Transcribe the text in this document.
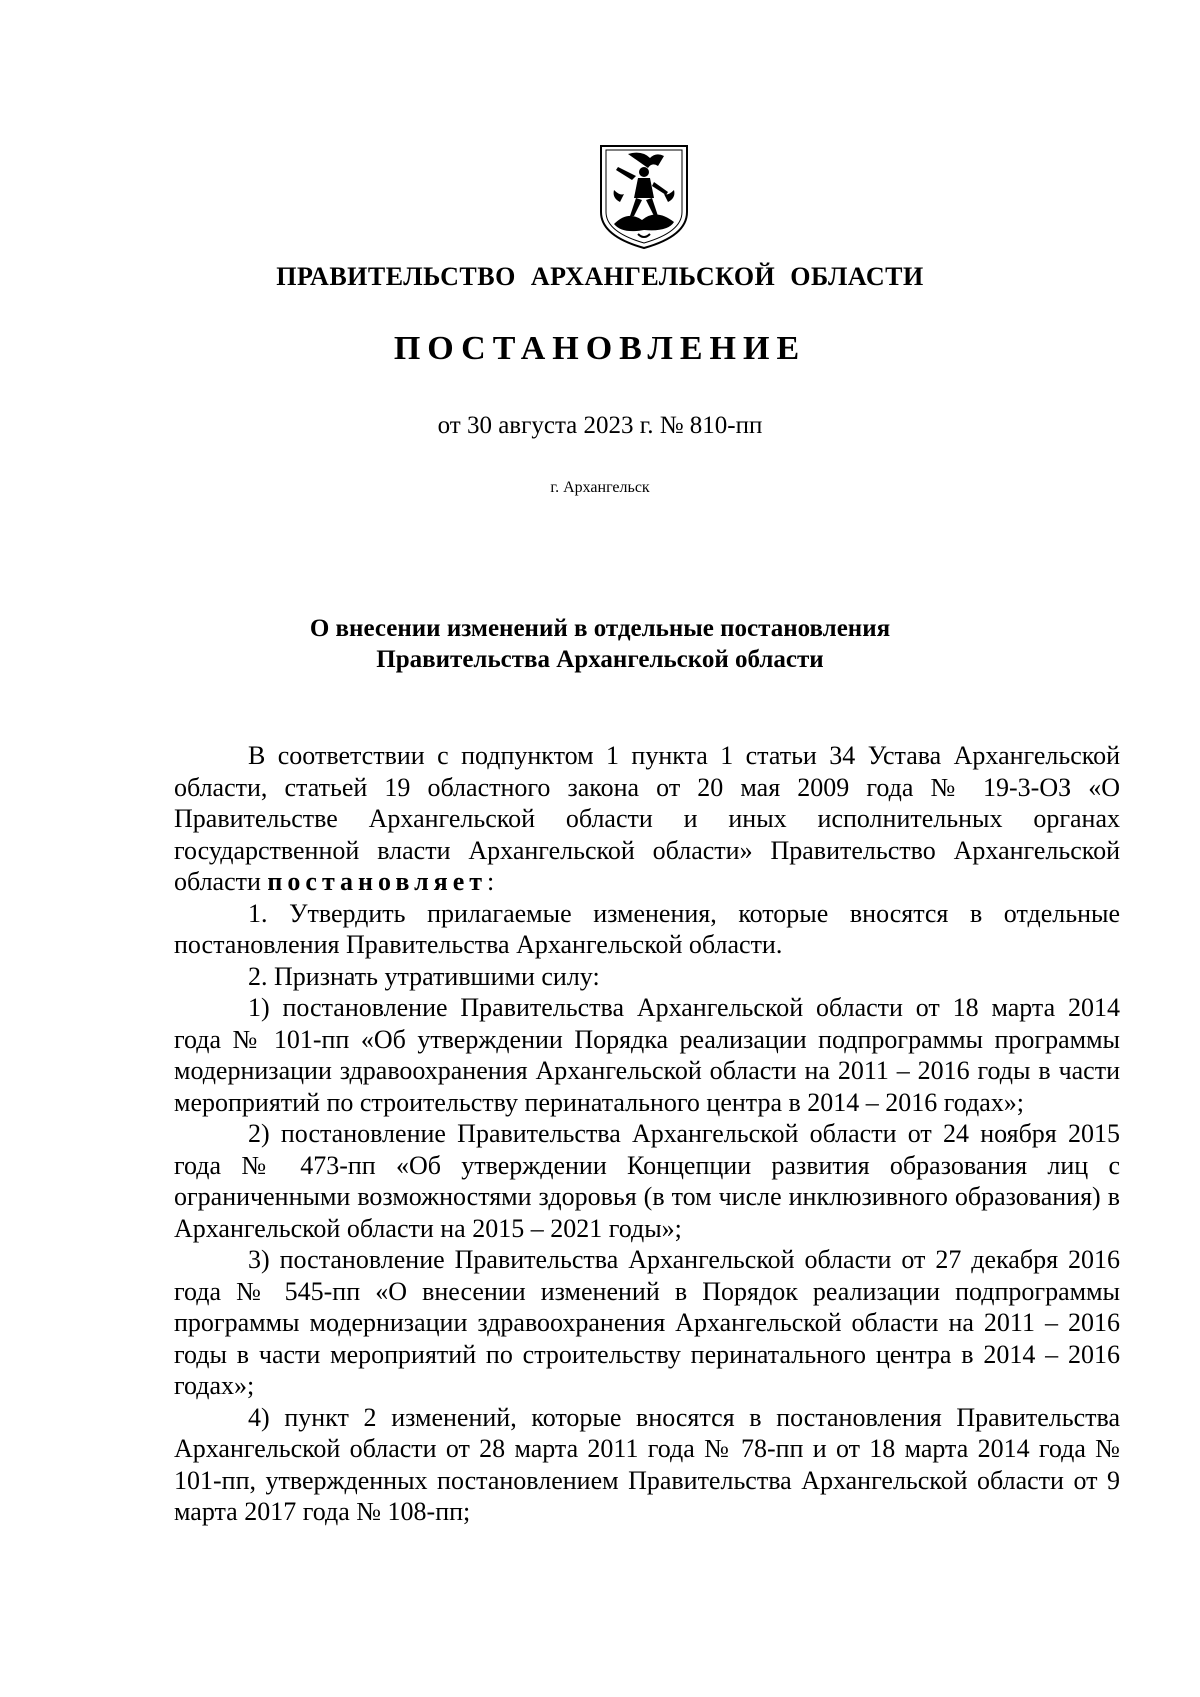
ПРАВИТЕЛЬСТВО АРХАНГЕЛЬСКОЙ ОБЛАСТИ
ПОСТАНОВЛЕНИЕ
от 30 августа 2023 г. № 810-пп
г. Архангельск
О внесении изменений в отдельные постановления
Правительства Архангельской области

В соответствии с подпунктом 1 пункта 1 статьи 34 Устава Архангельской области, статьей 19 областного закона от 20 мая 2009 года № 19-3-ОЗ «О Правительстве Архангельской области и иных исполнительных органах государственной власти Архангельской области» Правительство Архангельской области постановляет:

1. Утвердить прилагаемые изменения, которые вносятся в отдельные постановления Правительства Архангельской области.

2. Признать утратившими силу:

1) постановление Правительства Архангельской области от 18 марта 2014 года № 101-пп «Об утверждении Порядка реализации подпрограммы программы модернизации здравоохранения Архангельской области на 2011 – 2016 годы в части мероприятий по строительству перинатального центра в 2014 – 2016 годах»;

2) постановление Правительства Архангельской области от 24 ноября 2015 года № 473-пп «Об утверждении Концепции развития образования лиц с ограниченными возможностями здоровья (в том числе инклюзивного образования) в Архангельской области на 2015 – 2021 годы»;

3) постановление Правительства Архангельской области от 27 декабря 2016 года № 545-пп «О внесении изменений в Порядок реализации подпрограммы программы модернизации здравоохранения Архангельской области на 2011 – 2016 годы в части мероприятий по строительству перинатального центра в 2014 – 2016 годах»;

4) пункт 2 изменений, которые вносятся в постановления Правительства Архангельской области от 28 марта 2011 года № 78-пп и от 18 марта 2014 года № 101-пп, утвержденных постановлением Правительства Архангельской области от 9 марта 2017 года № 108-пп;
